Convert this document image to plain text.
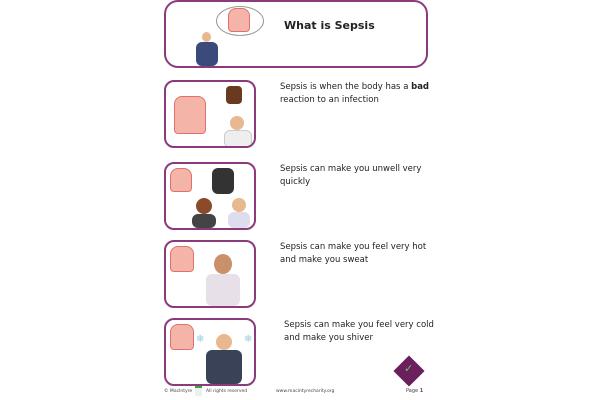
What is Sepsis
Sepsis is when the body has a bad reaction to an infection
Sepsis can make you unwell very quickly
Sepsis can make you feel very hot and make you sweat
❄	❄
Sepsis can make you feel very cold and make you shiver
✓
© MacIntyre	All rights reserved	www.macintyrecharity.org	Page 1
